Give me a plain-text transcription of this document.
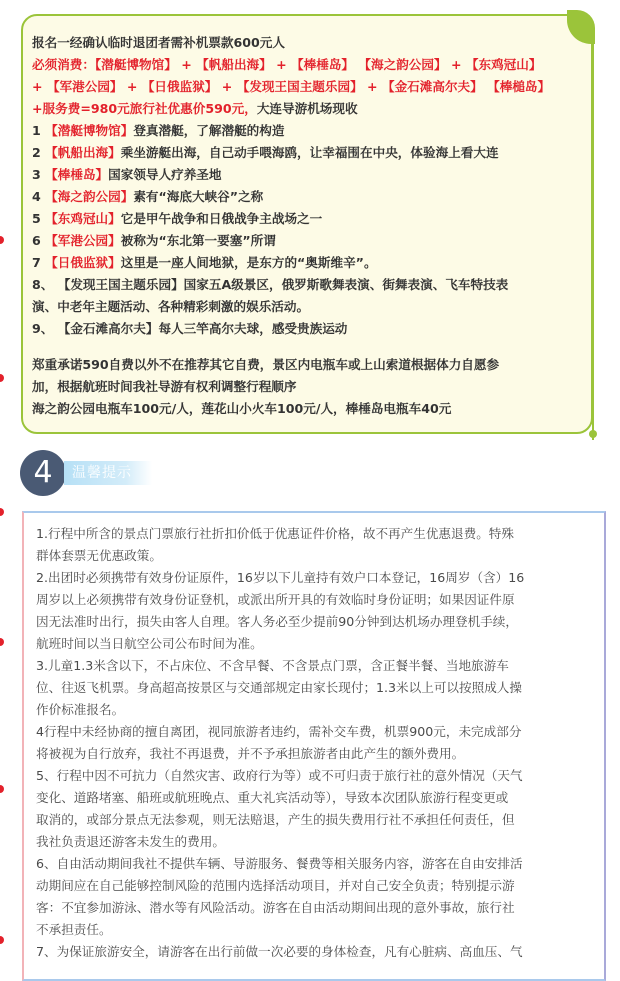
报名一经确认临时退团者需补机票款600元人
必须消费：【潜艇博物馆】 + 【帆船出海】 + 【棒棰岛】 【海之韵公园】 + 【东鸡冠山】
+ 【军港公园】 + 【日俄监狱】 + 【发现王国主题乐园】 + 【金石滩高尔夫】 【棒槌岛】
+服务费=980元旅行社优惠价590元，大连导游机场现收
1 【潜艇博物馆】登真潜艇，了解潜艇的构造
2 【帆船出海】乘坐游艇出海，自己动手喂海鸥，让幸福围在中央，体验海上看大连
3 【棒棰岛】国家领导人疗养圣地
4 【海之韵公园】素有“海底大峡谷”之称
5 【东鸡冠山】它是甲午战争和日俄战争主战场之一
6 【军港公园】被称为“东北第一要塞”所谓
7 【日俄监狱】这里是一座人间地狱，是东方的“奥斯维辛”。
8、 【发现王国主题乐园】国家五A级景区，俄罗斯歌舞表演、街舞表演、飞车特技表
演、中老年主题活动、各种精彩刺激的娱乐活动。
9、 【金石滩高尔夫】每人三竿高尔夫球，感受贵族运动
郑重承诺590自费以外不在推荐其它自费，景区内电瓶车或上山索道根据体力自愿参
加，根据航班时间我社导游有权利调整行程顺序
海之韵公园电瓶车100元/人，莲花山小火车100元/人，棒棰岛电瓶车40元
4	温馨提示

1.行程中所含的景点门票旅行社折扣价低于优惠证件价格，故不再产生优惠退费。特殊

群体套票无优惠政策。

2.出团时必须携带有效身份证原件，16岁以下儿童持有效户口本登记，16周岁（含）16

周岁以上必须携带有效身份证登机，或派出所开具的有效临时身份证明；如果因证件原

因无法准时出行，损失由客人自理。客人务必至少提前90分钟到达机场办理登机手续，

航班时间以当日航空公司公布时间为准。

3.儿童1.3米含以下，不占床位、不含早餐、不含景点门票，含正餐半餐、当地旅游车

位、往返飞机票。身高超高按景区与交通部规定由家长现付；1.3米以上可以按照成人操

作价标准报名。

4行程中未经协商的擅自离团，视同旅游者违约，需补交车费，机票900元，未完成部分

将被视为自行放弃，我社不再退费，并不予承担旅游者由此产生的额外费用。

5、行程中因不可抗力（自然灾害、政府行为等）或不可归责于旅行社的意外情况（天气

变化、道路堵塞、船班或航班晚点、重大礼宾活动等），导致本次团队旅游行程变更或

取消的，或部分景点无法参观，则无法赔退，产生的损失费用行社不承担任何责任，但

我社负责退还游客未发生的费用。

6、自由活动期间我社不提供车辆、导游服务、餐费等相关服务内容，游客在自由安排活

动期间应在自己能够控制风险的范围内选择活动项目，并对自己安全负责；特别提示游

客：不宜参加游泳、潜水等有风险活动。游客在自由活动期间出现的意外事故，旅行社

不承担责任。

7、为保证旅游安全，请游客在出行前做一次必要的身体检查，凡有心脏病、高血压、气
